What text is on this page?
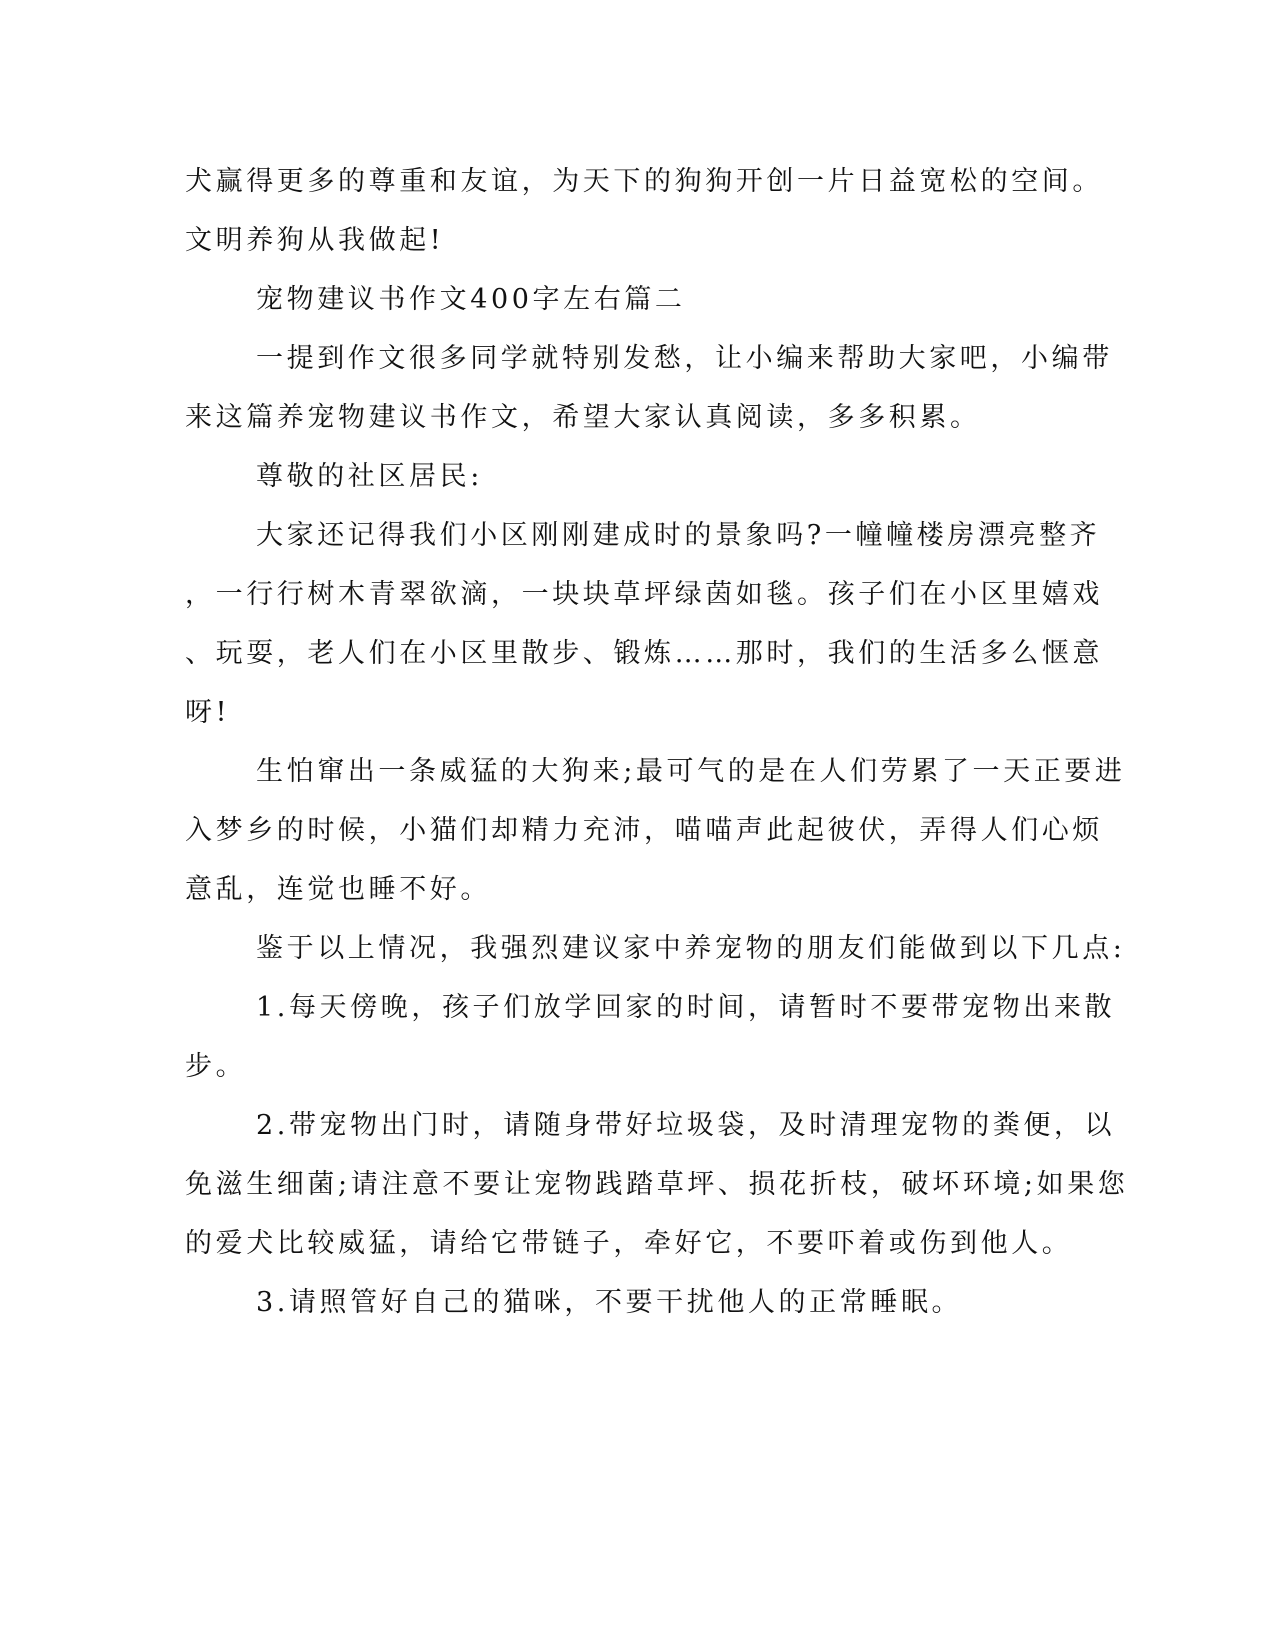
犬赢得更多的尊重和友谊，为天下的狗狗开创一片日益宽松的空间。
文明养狗从我做起!
宠物建议书作文400字左右篇二
一提到作文很多同学就特别发愁，让小编来帮助大家吧，小编带
来这篇养宠物建议书作文，希望大家认真阅读，多多积累。
尊敬的社区居民:
大家还记得我们小区刚刚建成时的景象吗?一幢幢楼房漂亮整齐
，一行行树木青翠欲滴，一块块草坪绿茵如毯。孩子们在小区里嬉戏
、玩耍，老人们在小区里散步、锻炼……那时，我们的生活多么惬意
呀!
生怕窜出一条威猛的大狗来;最可气的是在人们劳累了一天正要进
入梦乡的时候，小猫们却精力充沛，喵喵声此起彼伏，弄得人们心烦
意乱，连觉也睡不好。
鉴于以上情况，我强烈建议家中养宠物的朋友们能做到以下几点:
1.每天傍晚，孩子们放学回家的时间，请暂时不要带宠物出来散
步。
2.带宠物出门时，请随身带好垃圾袋，及时清理宠物的粪便，以
免滋生细菌;请注意不要让宠物践踏草坪、损花折枝，破坏环境;如果您
的爱犬比较威猛，请给它带链子，牵好它，不要吓着或伤到他人。
3.请照管好自己的猫咪，不要干扰他人的正常睡眠。
